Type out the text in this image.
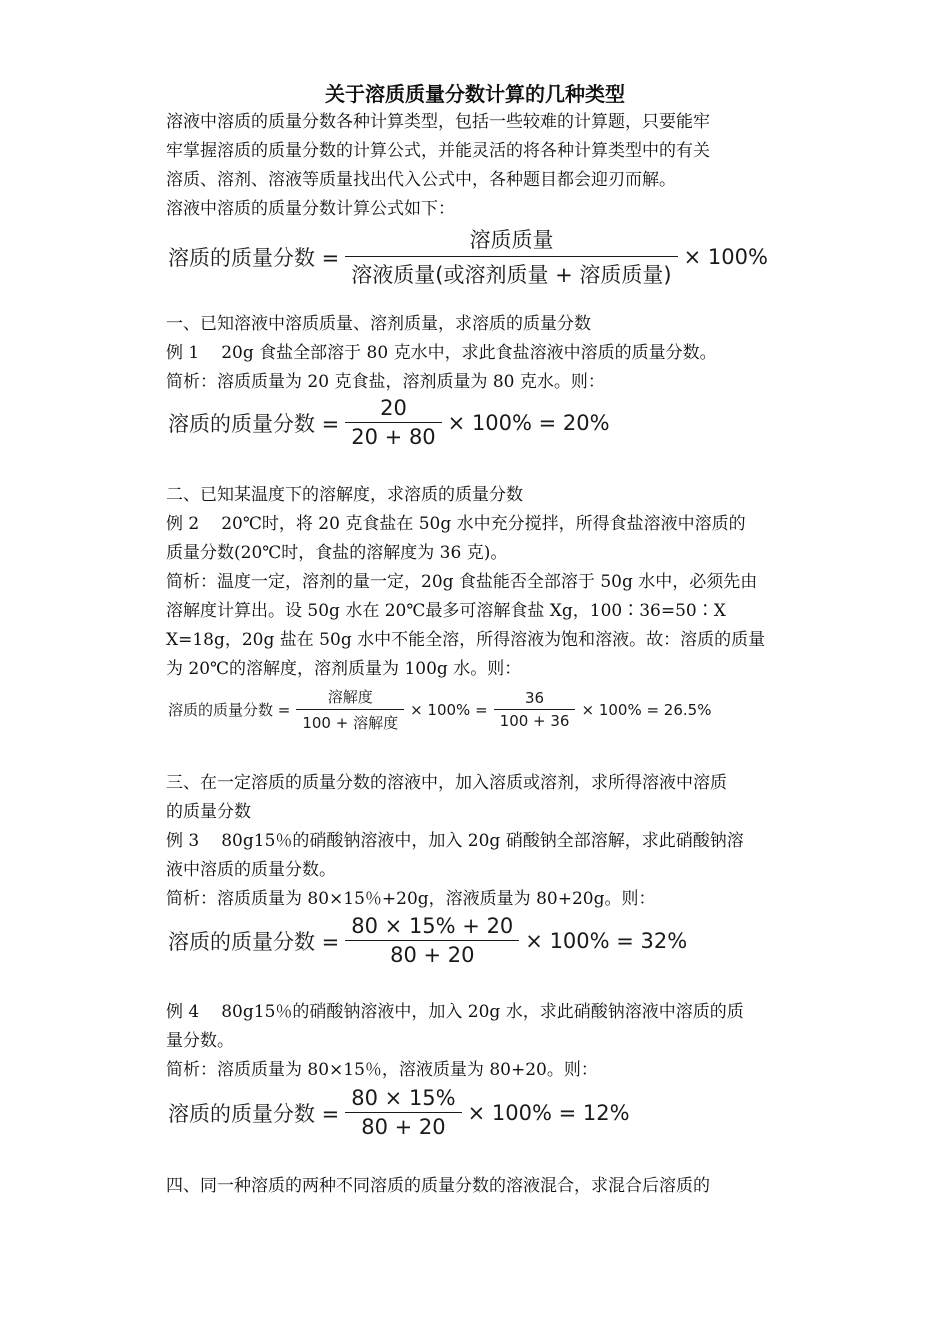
关于溶质质量分数计算的几种类型
溶液中溶质的质量分数各种计算类型，包括一些较难的计算题，只要能牢
牢掌握溶质的质量分数的计算公式，并能灵活的将各种计算类型中的有关
溶质、溶剂、溶液等质量找出代入公式中，各种题目都会迎刃而解。
溶液中溶质的质量分数计算公式如下：
溶质的质量分数 = $\frac{\text{溶质质量}}{\text{溶液质量(或溶剂质量 + 溶质质量)}} \times 100\%$
一、已知溶液中溶质质量、溶剂质量，求溶质的质量分数
例 1 20g 食盐全部溶于 80 克水中，求此食盐溶液中溶质的质量分数。
简析：溶质质量为 20 克食盐，溶剂质量为 80 克水。则：
溶质的质量分数 = $\frac{20}{20 + 80} \times 100\% = 20\%$
二、已知某温度下的溶解度，求溶质的质量分数
例 2 20℃时，将 20 克食盐在 50g 水中充分搅拌，所得食盐溶液中溶质的
质量分数(20℃时，食盐的溶解度为 36 克)。
简析：温度一定，溶剂的量一定，20g 食盐能否全部溶于 50g 水中，必须先由
溶解度计算出。设 50g 水在 20℃最多可溶解食盐 Xg，100∶36=50∶X
X=18g，20g 盐在 50g 水中不能全溶，所得溶液为饱和溶液。故：溶质的质量
为 20℃的溶解度，溶剂质量为 100g 水。则：
溶质的质量分数 = $\frac{\text{溶解度}}{\text{100 + 溶解度}} \times 100\% = \frac{36}{100 + 36} \times 100\% = 26.5\%$
三、在一定溶质的质量分数的溶液中，加入溶质或溶剂，求所得溶液中溶质
的质量分数
例 3 80g15％的硝酸钠溶液中，加入 20g 硝酸钠全部溶解，求此硝酸钠溶
液中溶质的质量分数。
简析：溶质质量为 80×15％+20g，溶液质量为 80+20g。则：
溶质的质量分数 = $\frac{80 \times 15\% + 20}{80 + 20} \times 100\% = 32\%$
例 4 80g15％的硝酸钠溶液中，加入 20g 水，求此硝酸钠溶液中溶质的质
量分数。
简析：溶质质量为 80×15％，溶液质量为 80+20。则：
溶质的质量分数 = $\frac{80 \times 15\%}{80 + 20} \times 100\% = 12\%$
四、同一种溶质的两种不同溶质的质量分数的溶液混合，求混合后溶质的
